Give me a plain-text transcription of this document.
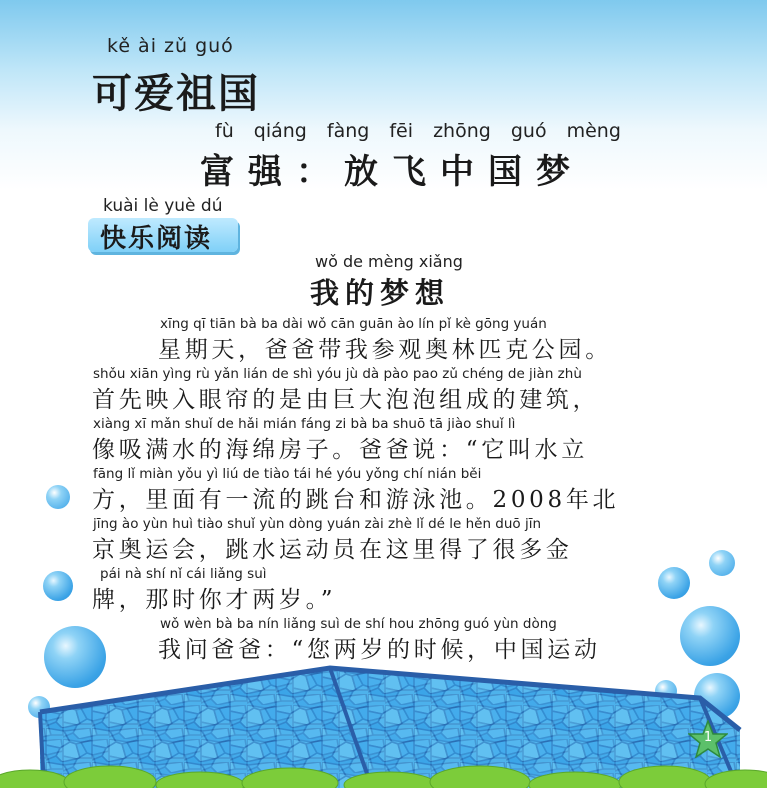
kě ài zǔ guó
可爱祖国
fù qiáng fàng fēi zhōng guó mèng
富强：放飞中国梦
kuài lè yuè dú
快乐阅读
wǒ de mèng xiǎng
我的梦想
xīng qī tiān bà ba dài wǒ cān guān ào lín pǐ kè gōng yuán
星期天，爸爸带我参观奥林匹克公园。
shǒu xiān yìng rù yǎn lián de shì yóu jù dà pào pao zǔ chéng de jiàn zhù
首先映入眼帘的是由巨大泡泡组成的建筑，
xiàng xī mǎn shuǐ de hǎi mián fáng zi bà ba shuō tā jiào shuǐ lì
像吸满水的海绵房子。爸爸说：“它叫水立
fāng lǐ miàn yǒu yì liú de tiào tái hé yóu yǒng chí nián běi
方，里面有一流的跳台和游泳池。2008年北
jīng ào yùn huì tiào shuǐ yùn dòng yuán zài zhè lǐ dé le hěn duō jīn
京奥运会，跳水运动员在这里得了很多金
pái nà shí nǐ cái liǎng suì
牌，那时你才两岁。”
wǒ wèn bà ba nín liǎng suì de shí hou zhōng guó yùn dòng
我问爸爸：“您两岁的时候，中国运动
1
